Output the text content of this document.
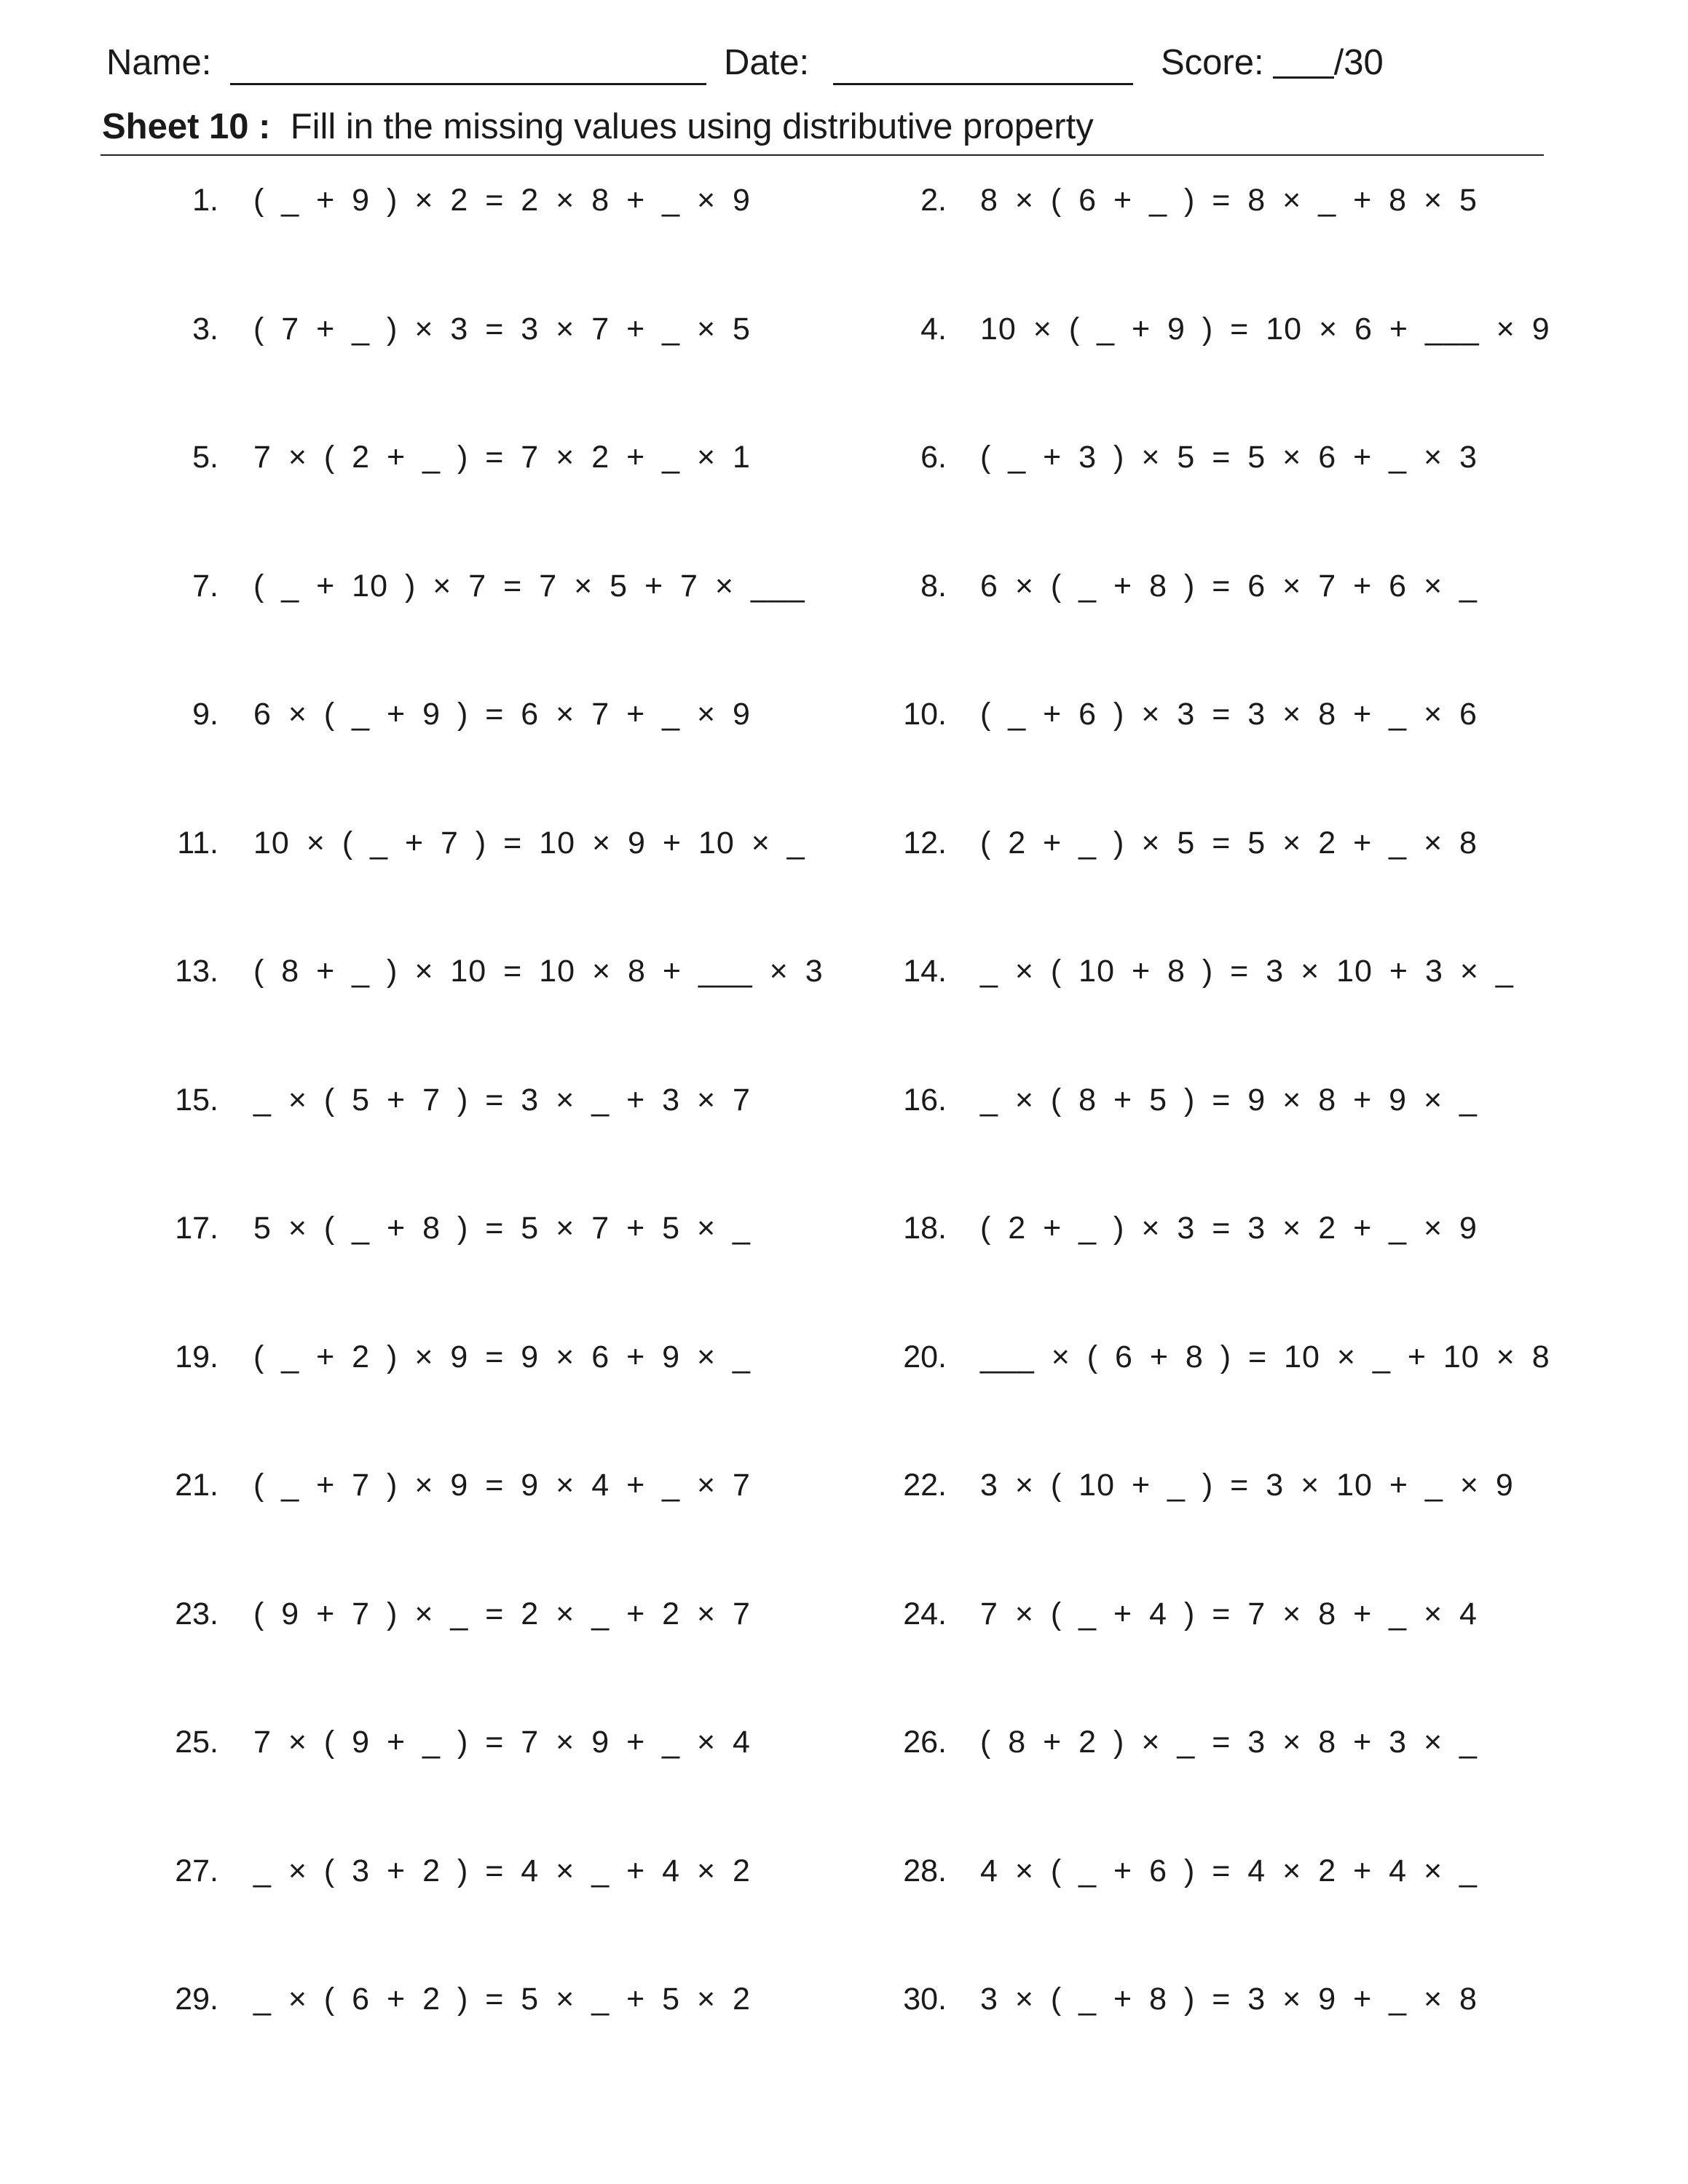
Name:	Date:	Score: /30
Sheet 10 : Fill in the missing values using distributive property
1. ( _ + 9 ) × 2 = 2 × 8 + _ × 9	2. 8 × ( 6 + _ ) = 8 × _ + 8 × 5
3. ( 7 + _ ) × 3 = 3 × 7 + _ × 5	4. 10 × ( _ + 9 ) = 10 × 6 + ___ × 9
5. 7 × ( 2 + _ ) = 7 × 2 + _ × 1	6. ( _ + 3 ) × 5 = 5 × 6 + _ × 3
7. ( _ + 10 ) × 7 = 7 × 5 + 7 × ___	8. 6 × ( _ + 8 ) = 6 × 7 + 6 × _
9. 6 × ( _ + 9 ) = 6 × 7 + _ × 9	10. ( _ + 6 ) × 3 = 3 × 8 + _ × 6
11. 10 × ( _ + 7 ) = 10 × 9 + 10 × _	12. ( 2 + _ ) × 5 = 5 × 2 + _ × 8
13. ( 8 + _ ) × 10 = 10 × 8 + ___ × 3	14. _ × ( 10 + 8 ) = 3 × 10 + 3 × _
15. _ × ( 5 + 7 ) = 3 × _ + 3 × 7	16. _ × ( 8 + 5 ) = 9 × 8 + 9 × _
17. 5 × ( _ + 8 ) = 5 × 7 + 5 × _	18. ( 2 + _ ) × 3 = 3 × 2 + _ × 9
19. ( _ + 2 ) × 9 = 9 × 6 + 9 × _	20. ___ × ( 6 + 8 ) = 10 × _ + 10 × 8
21. ( _ + 7 ) × 9 = 9 × 4 + _ × 7	22. 3 × ( 10 + _ ) = 3 × 10 + _ × 9
23. ( 9 + 7 ) × _ = 2 × _ + 2 × 7	24. 7 × ( _ + 4 ) = 7 × 8 + _ × 4
25. 7 × ( 9 + _ ) = 7 × 9 + _ × 4	26. ( 8 + 2 ) × _ = 3 × 8 + 3 × _
27. _ × ( 3 + 2 ) = 4 × _ + 4 × 2	28. 4 × ( _ + 6 ) = 4 × 2 + 4 × _
29. _ × ( 6 + 2 ) = 5 × _ + 5 × 2	30. 3 × ( _ + 8 ) = 3 × 9 + _ × 8
